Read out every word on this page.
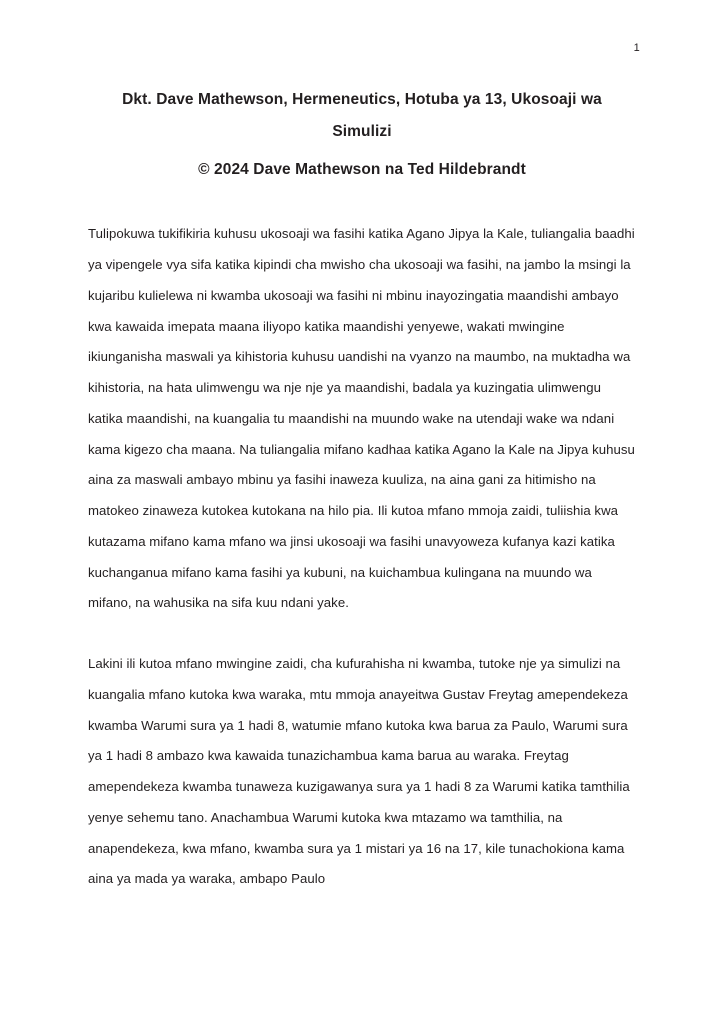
1
Dkt. Dave Mathewson, Hermeneutics, Hotuba ya 13, Ukosoaji wa
Simulizi
© 2024 Dave Mathewson na Ted Hildebrandt

Tulipokuwa tukifikiria kuhusu ukosoaji wa fasihi katika Agano Jipya la Kale, tuliangalia baadhi ya vipengele vya sifa katika kipindi cha mwisho cha ukosoaji wa fasihi, na jambo la msingi la kujaribu kulielewa ni kwamba ukosoaji wa fasihi ni mbinu inayozingatia maandishi ambayo kwa kawaida imepata maana iliyopo katika maandishi yenyewe, wakati mwingine ikiunganisha maswali ya kihistoria kuhusu uandishi na vyanzo na maumbo, na muktadha wa kihistoria, na hata ulimwengu wa nje nje ya maandishi, badala ya kuzingatia ulimwengu katika maandishi, na kuangalia tu maandishi na muundo wake na utendaji wake wa ndani kama kigezo cha maana. Na tuliangalia mifano kadhaa katika Agano la Kale na Jipya kuhusu aina za maswali ambayo mbinu ya fasihi inaweza kuuliza, na aina gani za hitimisho na matokeo zinaweza kutokea kutokana na hilo pia. Ili kutoa mfano mmoja zaidi, tuliishia kwa kutazama mifano kama mfano wa jinsi ukosoaji wa fasihi unavyoweza kufanya kazi katika kuchanganua mifano kama fasihi ya kubuni, na kuichambua kulingana na muundo wa mifano, na wahusika na sifa kuu ndani yake.

Lakini ili kutoa mfano mwingine zaidi, cha kufurahisha ni kwamba, tutoke nje ya simulizi na kuangalia mfano kutoka kwa waraka, mtu mmoja anayeitwa Gustav Freytag amependekeza kwamba Warumi sura ya 1 hadi 8, watumie mfano kutoka kwa barua za Paulo, Warumi sura ya 1 hadi 8 ambazo kwa kawaida tunazichambua kama barua au waraka. Freytag amependekeza kwamba tunaweza kuzigawanya sura ya 1 hadi 8 za Warumi katika tamthilia yenye sehemu tano. Anachambua Warumi kutoka kwa mtazamo wa tamthilia, na anapendekeza, kwa mfano, kwamba sura ya 1 mistari ya 16 na 17, kile tunachokiona kama aina ya mada ya waraka, ambapo Paulo
